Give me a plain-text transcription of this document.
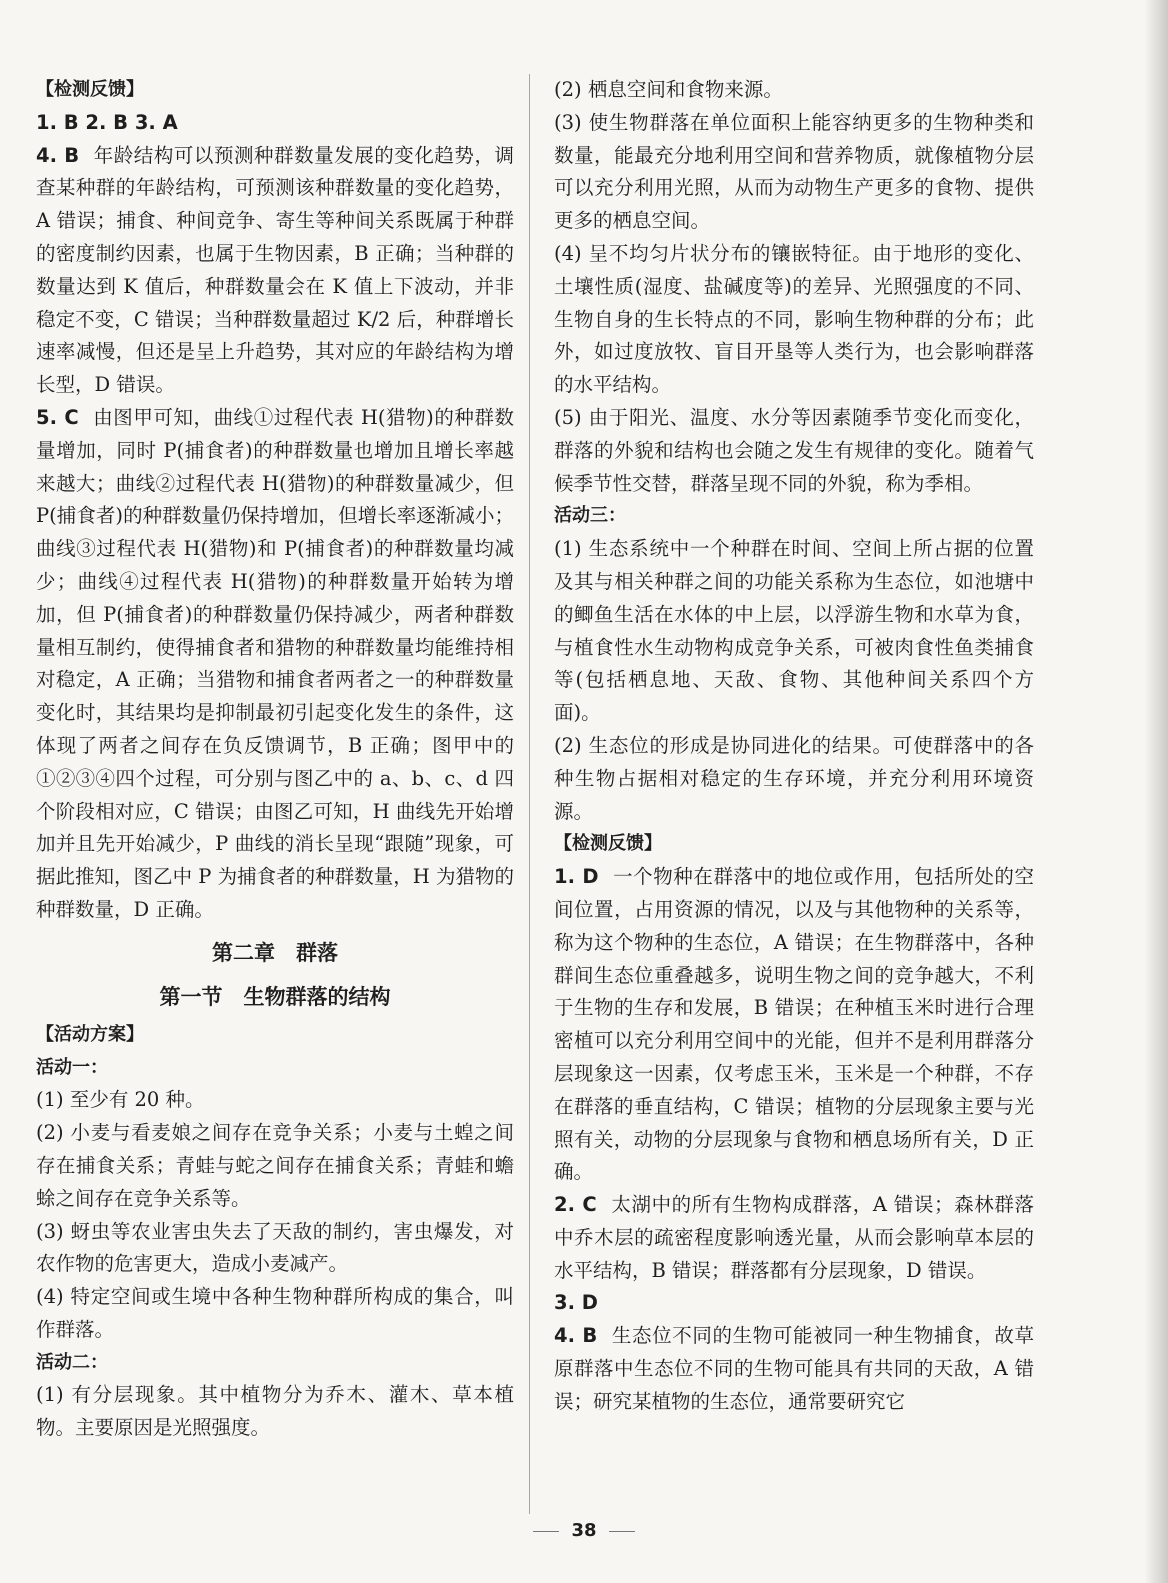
【检测反馈】

1. B 2. B 3. A

4. B 年龄结构可以预测种群数量发展的变化趋势，调查某种群的年龄结构，可预测该种群数量的变化趋势，A 错误；捕食、种间竞争、寄生等种间关系既属于种群的密度制约因素，也属于生物因素，B 正确；当种群的数量达到 K 值后，种群数量会在 K 值上下波动，并非稳定不变，C 错误；当种群数量超过 K/2 后，种群增长速率减慢，但还是呈上升趋势，其对应的年龄结构为增长型，D 错误。

5. C 由图甲可知，曲线①过程代表 H(猎物)的种群数量增加，同时 P(捕食者)的种群数量也增加且增长率越来越大；曲线②过程代表 H(猎物)的种群数量减少，但 P(捕食者)的种群数量仍保持增加，但增长率逐渐减小；曲线③过程代表 H(猎物)和 P(捕食者)的种群数量均减少；曲线④过程代表 H(猎物)的种群数量开始转为增加，但 P(捕食者)的种群数量仍保持减少，两者种群数量相互制约，使得捕食者和猎物的种群数量均能维持相对稳定，A 正确；当猎物和捕食者两者之一的种群数量变化时，其结果均是抑制最初引起变化发生的条件，这体现了两者之间存在负反馈调节，B 正确；图甲中的①②③④四个过程，可分别与图乙中的 a、b、c、d 四个阶段相对应，C 错误；由图乙可知，H 曲线先开始增加并且先开始减少，P 曲线的消长呈现“跟随”现象，可据此推知，图乙中 P 为捕食者的种群数量，H 为猎物的种群数量，D 正确。

第二章　群落
第一节　生物群落的结构

【活动方案】

活动一：

(1) 至少有 20 种。

(2) 小麦与看麦娘之间存在竞争关系；小麦与土蝗之间存在捕食关系；青蛙与蛇之间存在捕食关系；青蛙和蟾蜍之间存在竞争关系等。

(3) 蚜虫等农业害虫失去了天敌的制约，害虫爆发，对农作物的危害更大，造成小麦减产。

(4) 特定空间或生境中各种生物种群所构成的集合，叫作群落。

活动二：

(1) 有分层现象。其中植物分为乔木、灌木、草本植物。主要原因是光照强度。

(2) 栖息空间和食物来源。

(3) 使生物群落在单位面积上能容纳更多的生物种类和数量，能最充分地利用空间和营养物质，就像植物分层可以充分利用光照，从而为动物生产更多的食物、提供更多的栖息空间。

(4) 呈不均匀片状分布的镶嵌特征。由于地形的变化、土壤性质(湿度、盐碱度等)的差异、光照强度的不同、生物自身的生长特点的不同，影响生物种群的分布；此外，如过度放牧、盲目开垦等人类行为，也会影响群落的水平结构。

(5) 由于阳光、温度、水分等因素随季节变化而变化，群落的外貌和结构也会随之发生有规律的变化。随着气候季节性交替，群落呈现不同的外貌，称为季相。

活动三：

(1) 生态系统中一个种群在时间、空间上所占据的位置及其与相关种群之间的功能关系称为生态位，如池塘中的鲫鱼生活在水体的中上层，以浮游生物和水草为食，与植食性水生动物构成竞争关系，可被肉食性鱼类捕食等(包括栖息地、天敌、食物、其他种间关系四个方面)。

(2) 生态位的形成是协同进化的结果。可使群落中的各种生物占据相对稳定的生存环境，并充分利用环境资源。

【检测反馈】

1. D 一个物种在群落中的地位或作用，包括所处的空间位置，占用资源的情况，以及与其他物种的关系等，称为这个物种的生态位，A 错误；在生物群落中，各种群间生态位重叠越多，说明生物之间的竞争越大，不利于生物的生存和发展，B 错误；在种植玉米时进行合理密植可以充分利用空间中的光能，但并不是利用群落分层现象这一因素，仅考虑玉米，玉米是一个种群，不存在群落的垂直结构，C 错误；植物的分层现象主要与光照有关，动物的分层现象与食物和栖息场所有关，D 正确。

2. C 太湖中的所有生物构成群落，A 错误；森林群落中乔木层的疏密程度影响透光量，从而会影响草本层的水平结构，B 错误；群落都有分层现象，D 错误。

3. D

4. B 生态位不同的生物可能被同一种生物捕食，故草原群落中生态位不同的生物可能具有共同的天敌，A 错误；研究某植物的生态位，通常要研究它

38
